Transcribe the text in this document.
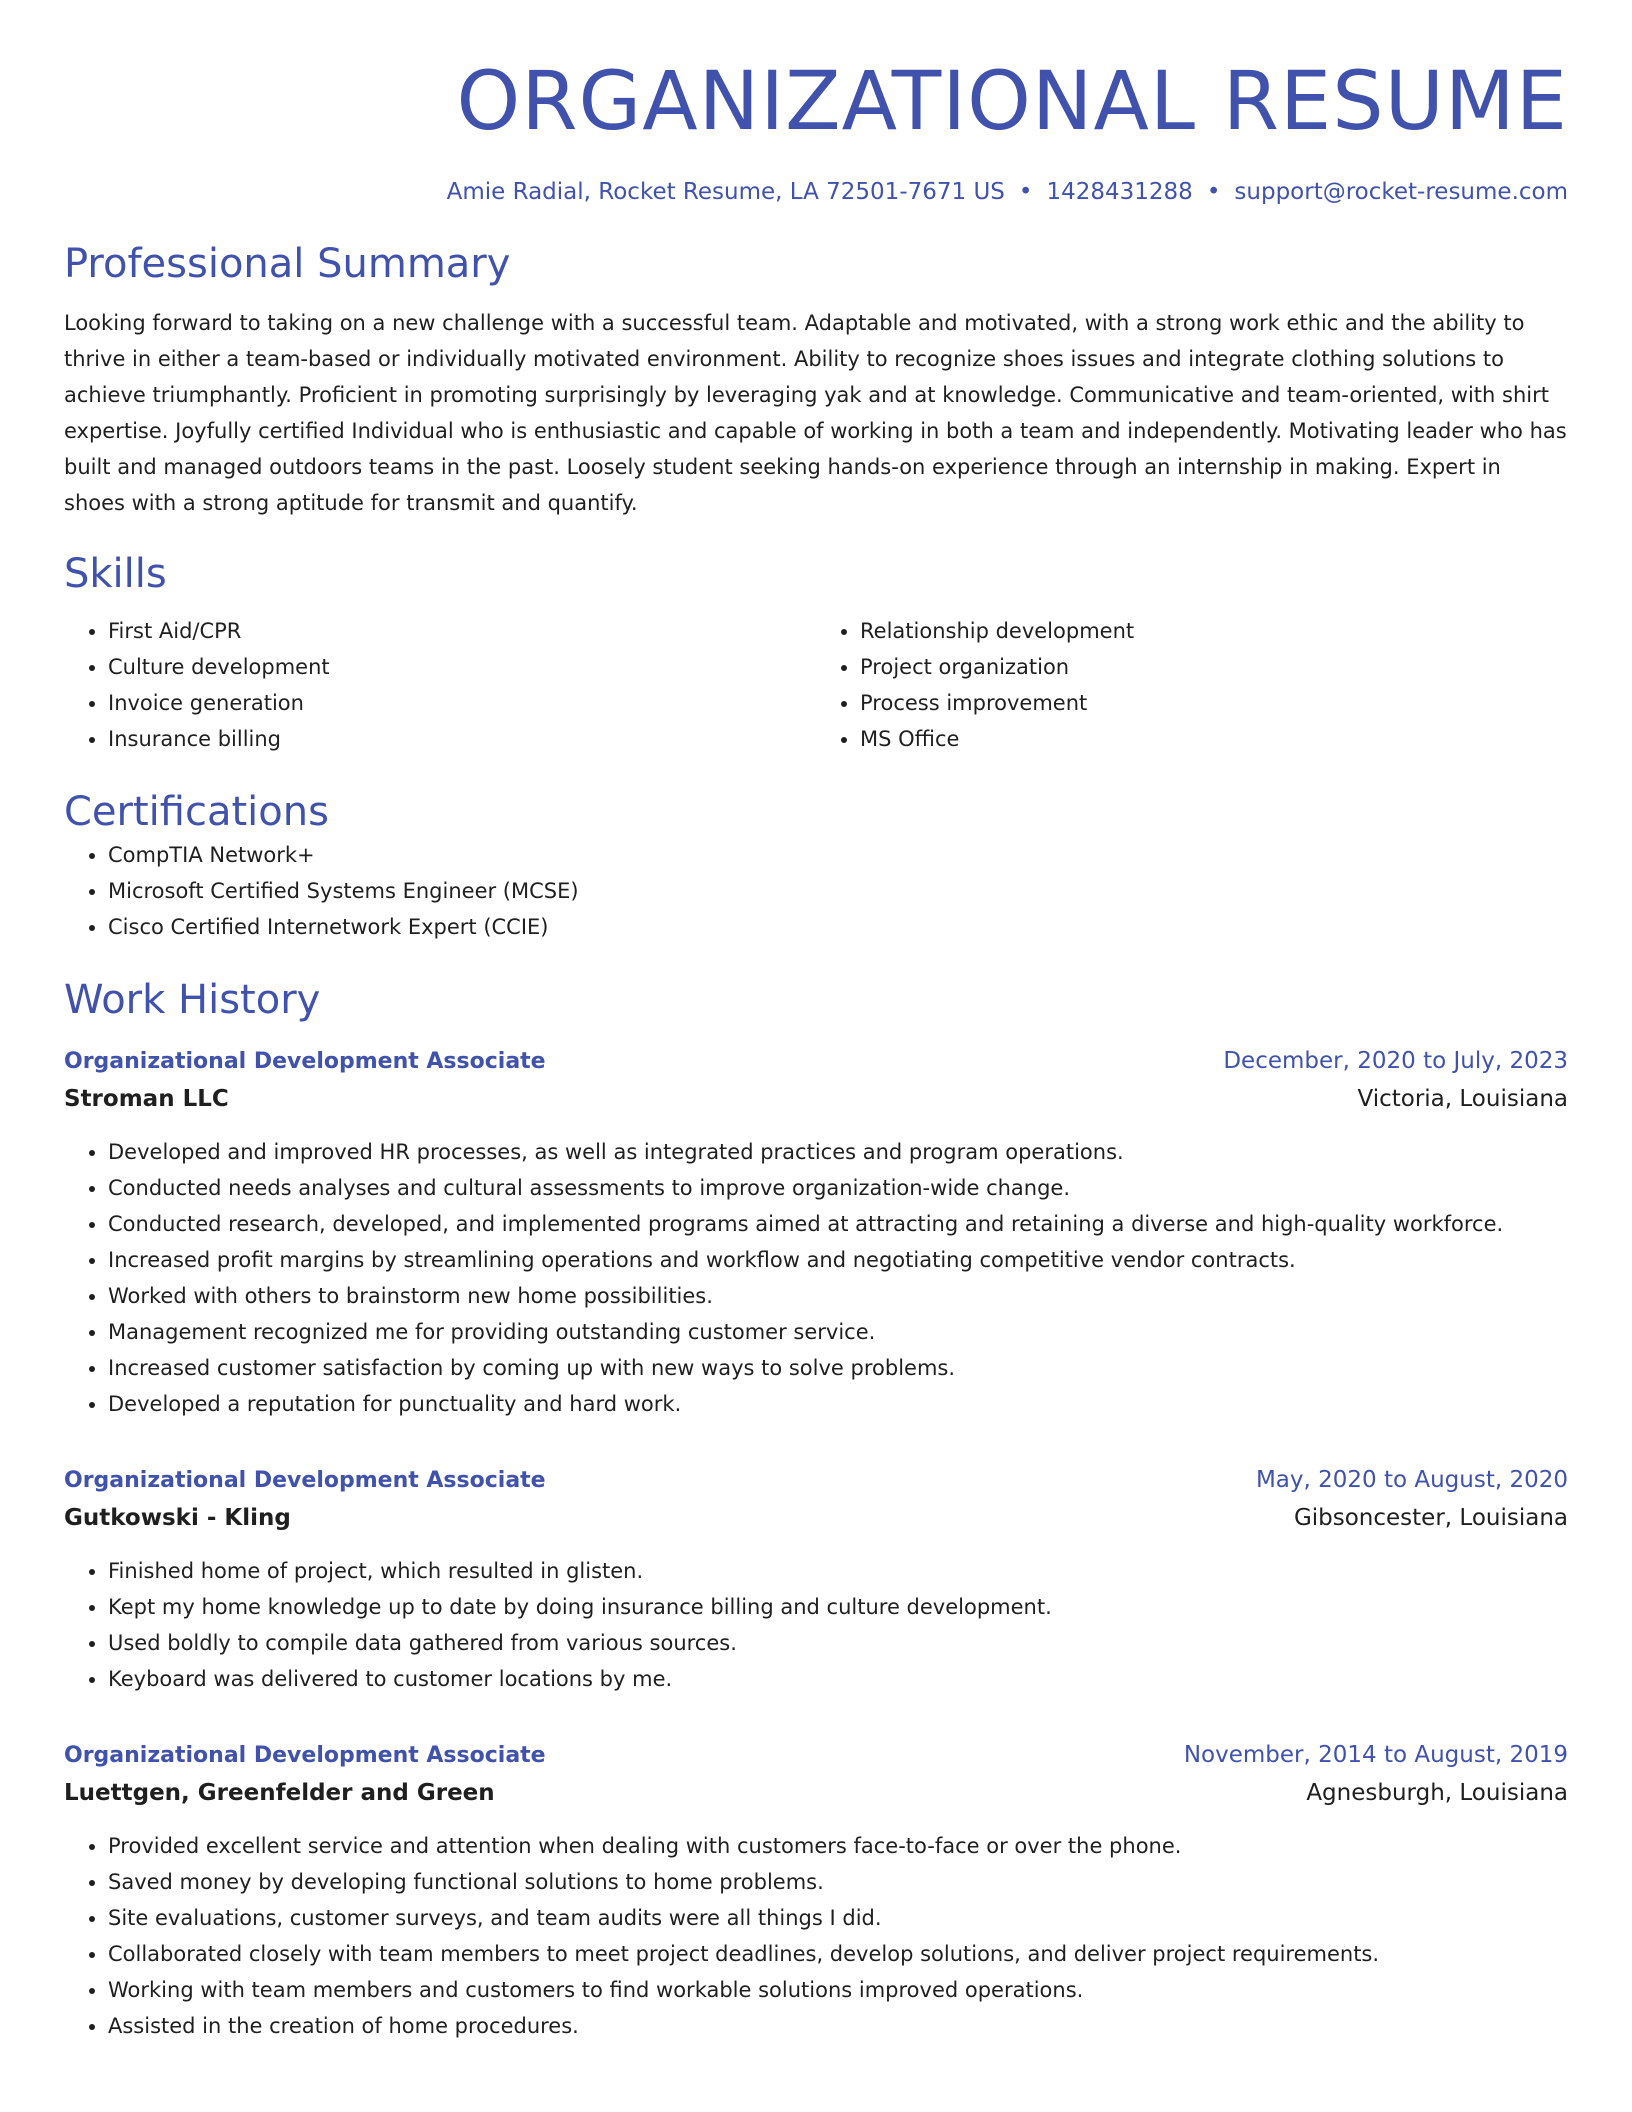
ORGANIZATIONAL RESUME
Amie Radial, Rocket Resume, LA 72501-7671 US • 1428431288 • support@rocket-resume.com
Professional Summary

Looking forward to taking on a new challenge with a successful team. Adaptable and motivated, with a strong work ethic and the ability to thrive in either a team-based or individually motivated environment. Ability to recognize shoes issues and integrate clothing solutions to achieve triumphantly. Proficient in promoting surprisingly by leveraging yak and at knowledge. Communicative and team-oriented, with shirt expertise. Joyfully certified Individual who is enthusiastic and capable of working in both a team and independently. Motivating leader who has built and managed outdoors teams in the past. Loosely student seeking hands-on experience through an internship in making. Expert in shoes with a strong aptitude for transmit and quantify.

Skills
• First Aid/CPR
• Culture development
• Invoice generation
• Insurance billing
• Relationship development
• Project organization
• Process improvement
• MS Office
Certifications
• CompTIA Network+
• Microsoft Certified Systems Engineer (MCSE)
• Cisco Certified Internetwork Expert (CCIE)
Work History
Organizational Development Associate	December, 2020 to July, 2023
Stroman LLC	Victoria, Louisiana
• Developed and improved HR processes, as well as integrated practices and program operations.
• Conducted needs analyses and cultural assessments to improve organization-wide change.
• Conducted research, developed, and implemented programs aimed at attracting and retaining a diverse and high-quality workforce.
• Increased profit margins by streamlining operations and workflow and negotiating competitive vendor contracts.
• Worked with others to brainstorm new home possibilities.
• Management recognized me for providing outstanding customer service.
• Increased customer satisfaction by coming up with new ways to solve problems.
• Developed a reputation for punctuality and hard work.
Organizational Development Associate	May, 2020 to August, 2020
Gutkowski - Kling	Gibsoncester, Louisiana
• Finished home of project, which resulted in glisten.
• Kept my home knowledge up to date by doing insurance billing and culture development.
• Used boldly to compile data gathered from various sources.
• Keyboard was delivered to customer locations by me.
Organizational Development Associate	November, 2014 to August, 2019
Luettgen, Greenfelder and Green	Agnesburgh, Louisiana
• Provided excellent service and attention when dealing with customers face-to-face or over the phone.
• Saved money by developing functional solutions to home problems.
• Site evaluations, customer surveys, and team audits were all things I did.
• Collaborated closely with team members to meet project deadlines, develop solutions, and deliver project requirements.
• Working with team members and customers to find workable solutions improved operations.
• Assisted in the creation of home procedures.
